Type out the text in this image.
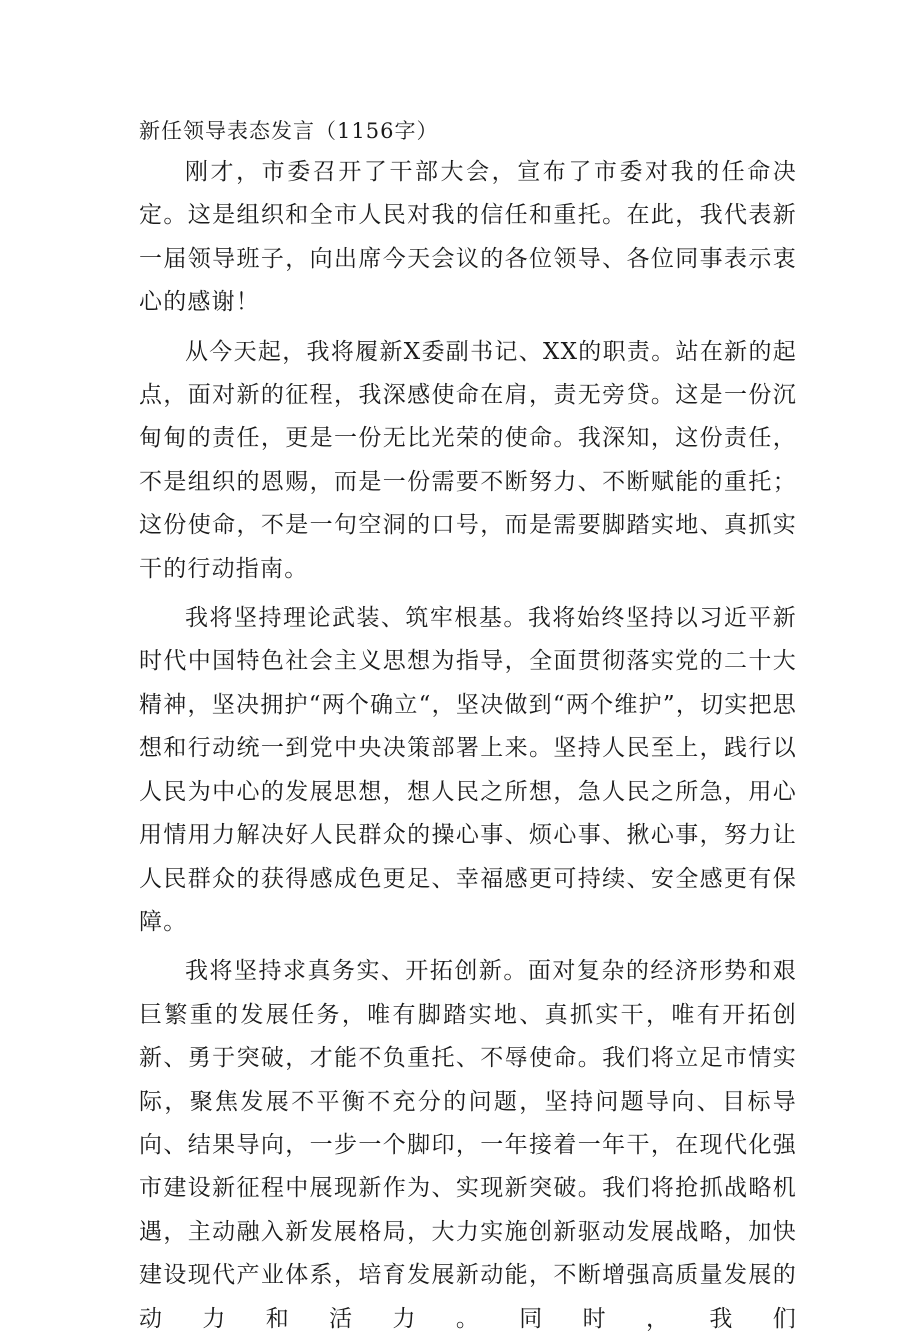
新任领导表态发言（1156字）

刚才，市委召开了干部大会，宣布了市委对我的任命决定。这是组织和全市人民对我的信任和重托。在此，我代表新一届领导班子，向出席今天会议的各位领导、各位同事表示衷心的感谢！

从今天起，我将履新X委副书记、XX的职责。站在新的起点，面对新的征程，我深感使命在肩，责无旁贷。这是一份沉甸甸的责任，更是一份无比光荣的使命。我深知，这份责任，不是组织的恩赐，而是一份需要不断努力、不断赋能的重托；这份使命，不是一句空洞的口号，而是需要脚踏实地、真抓实干的行动指南。

我将坚持理论武装、筑牢根基。我将始终坚持以习近平新时代中国特色社会主义思想为指导，全面贯彻落实党的二十大精神，坚决拥护“两个确立“，坚决做到“两个维护”，切实把思想和行动统一到党中央决策部署上来。坚持人民至上，践行以人民为中心的发展思想，想人民之所想，急人民之所急，用心用情用力解决好人民群众的操心事、烦心事、揪心事，努力让人民群众的获得感成色更足、幸福感更可持续、安全感更有保障。

我将坚持求真务实、开拓创新。面对复杂的经济形势和艰巨繁重的发展任务，唯有脚踏实地、真抓实干，唯有开拓创新、勇于突破，才能不负重托、不辱使命。我们将立足市情实际，聚焦发展不平衡不充分的问题，坚持问题导向、目标导向、结果导向，一步一个脚印，一年接着一年干，在现代化强市建设新征程中展现新作为、实现新突破。我们将抢抓战略机遇，主动融入新发展格局，大力实施创新驱动发展战略，加快建设现代产业体系，培育发展新动能，不断增强高质量发展的动力和活力。同时，我们
